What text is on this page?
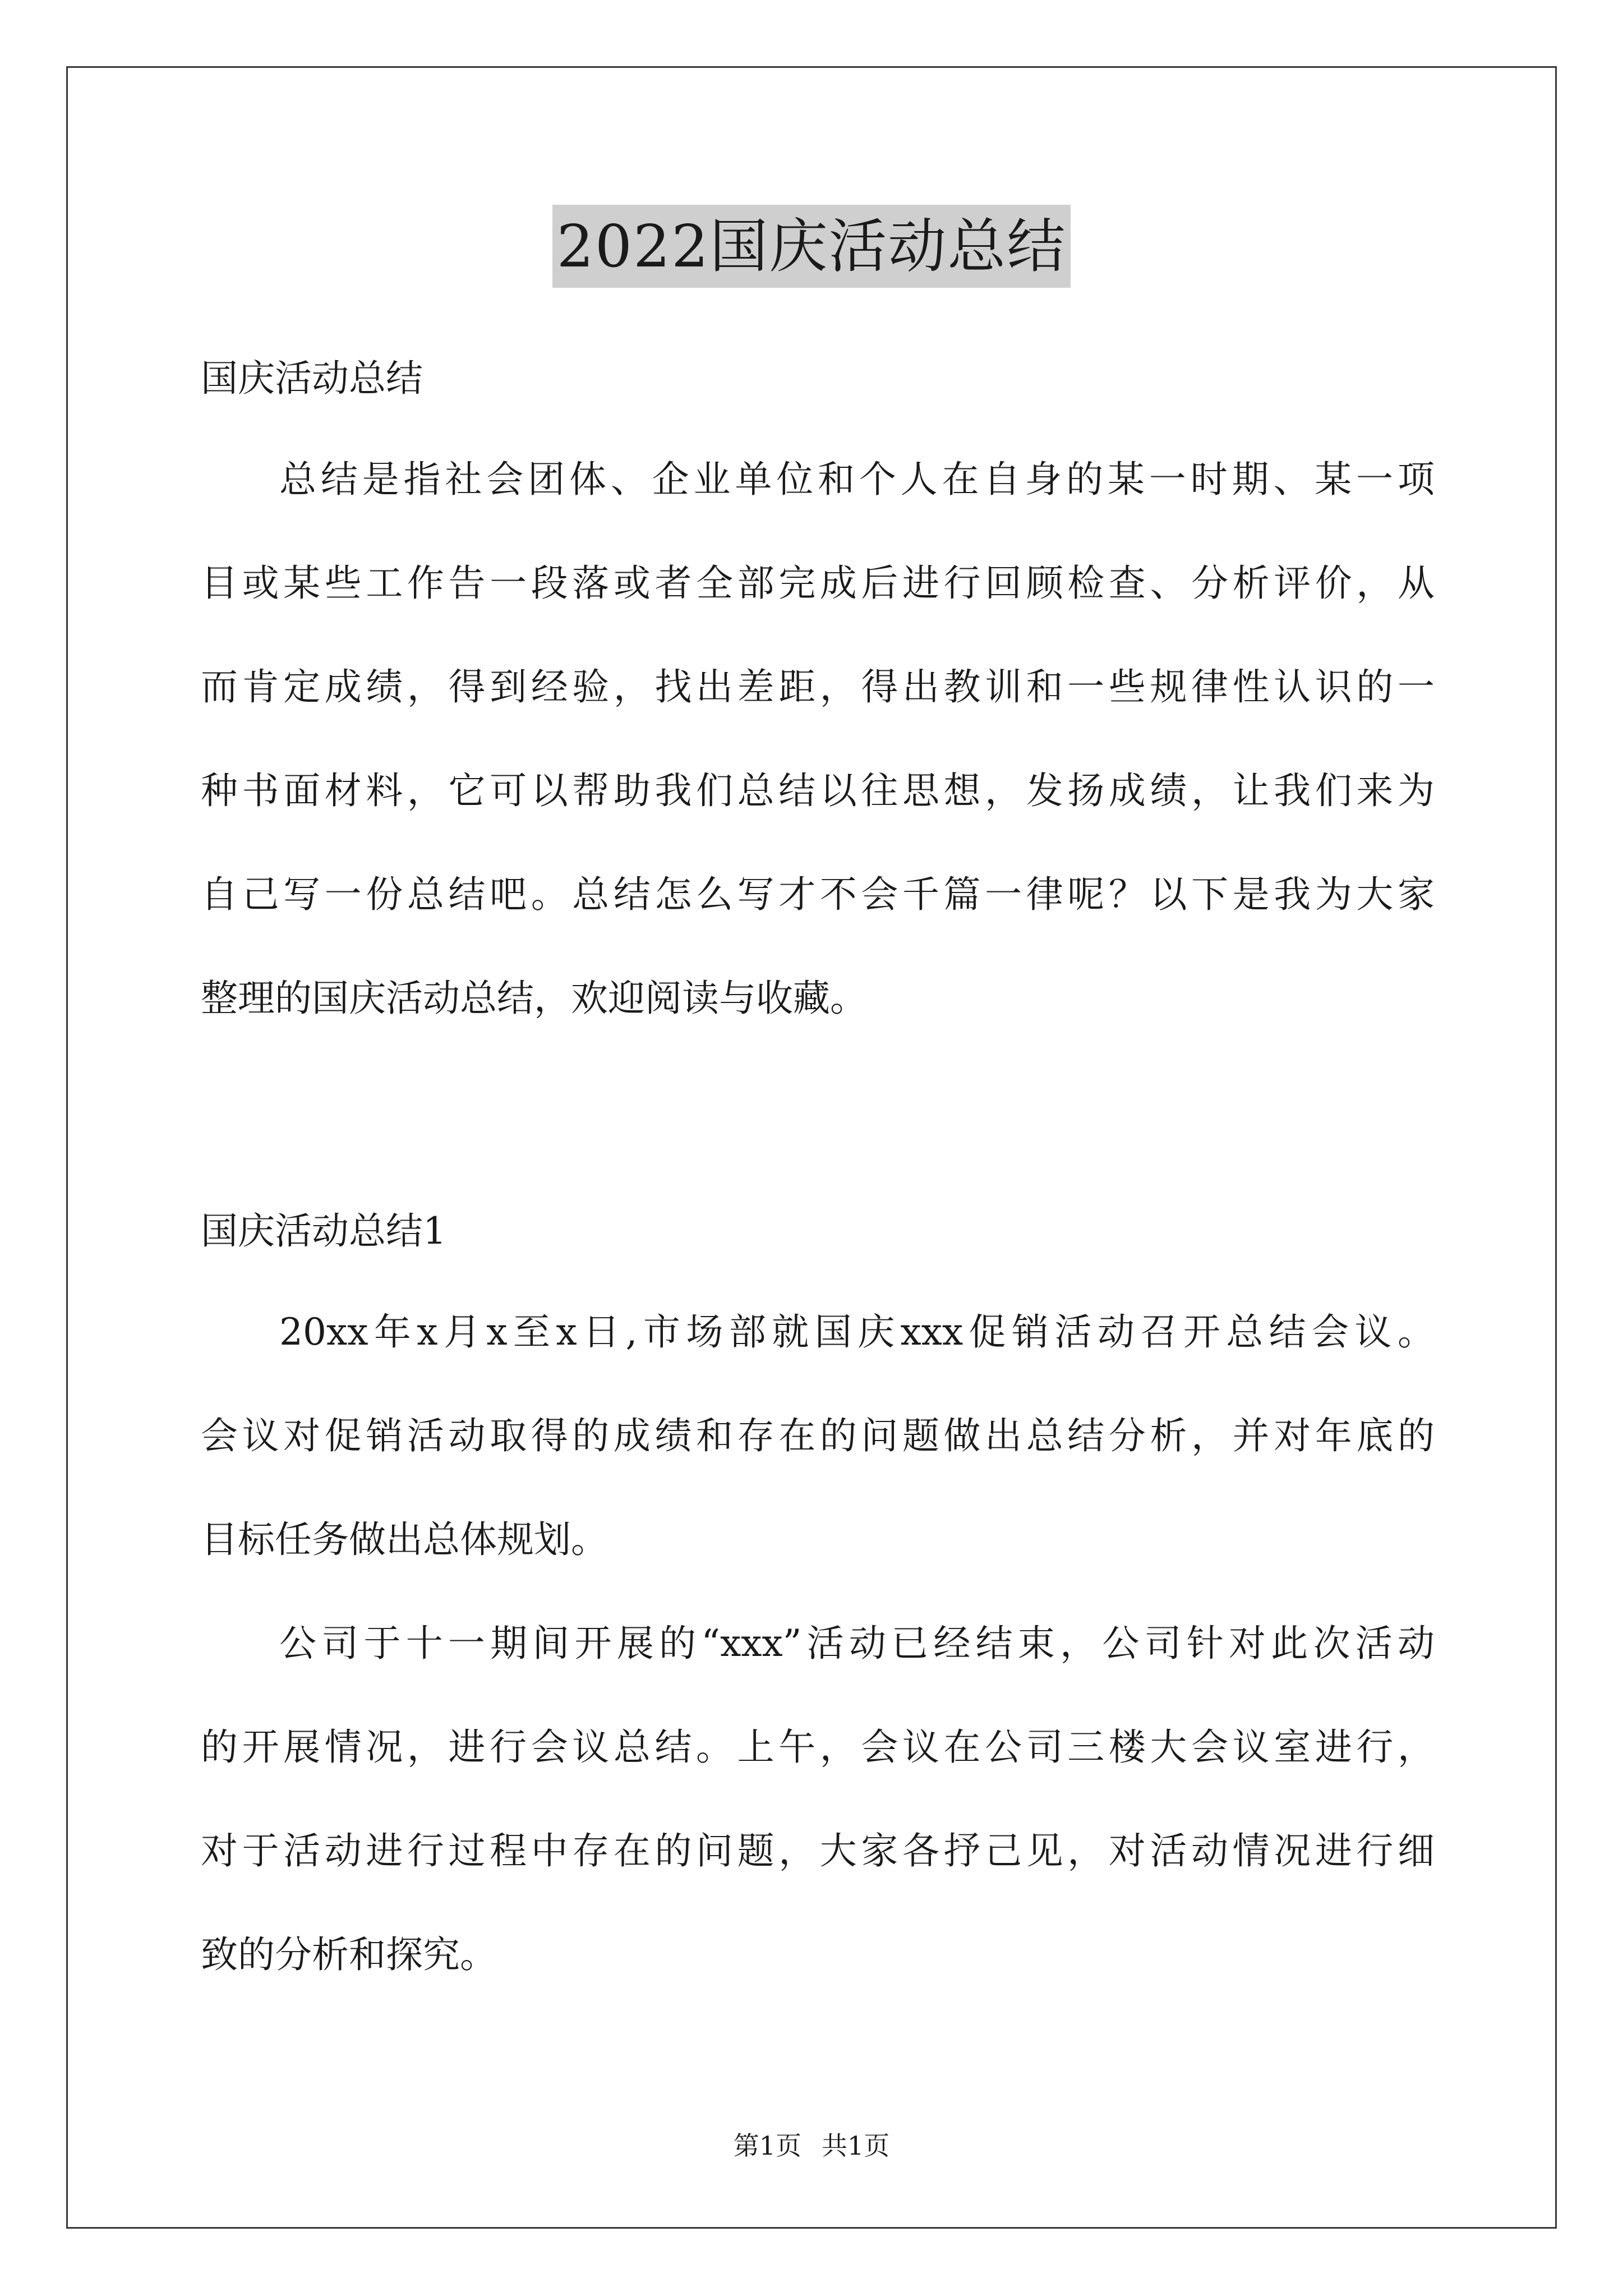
2022国庆活动总结
国庆活动总结
总结是指社会团体、企业单位和个人在自身的某一时期、某一项
目或某些工作告一段落或者全部完成后进行回顾检查、分析评价，从
而肯定成绩，得到经验，找出差距，得出教训和一些规律性认识的一
种书面材料，它可以帮助我们总结以往思想，发扬成绩，让我们来为
自己写一份总结吧。总结怎么写才不会千篇一律呢？以下是我为大家
整理的国庆活动总结，欢迎阅读与收藏。
国庆活动总结1
20xx年x月x至x日,市场部就国庆xxx促销活动召开总结会议。
会议对促销活动取得的成绩和存在的问题做出总结分析，并对年底的
目标任务做出总体规划。
公司于十一期间开展的“xxx”活动已经结束，公司针对此次活动
的开展情况，进行会议总结。上午，会议在公司三楼大会议室进行，
对于活动进行过程中存在的问题，大家各抒己见，对活动情况进行细
致的分析和探究。
第1页 共1页
